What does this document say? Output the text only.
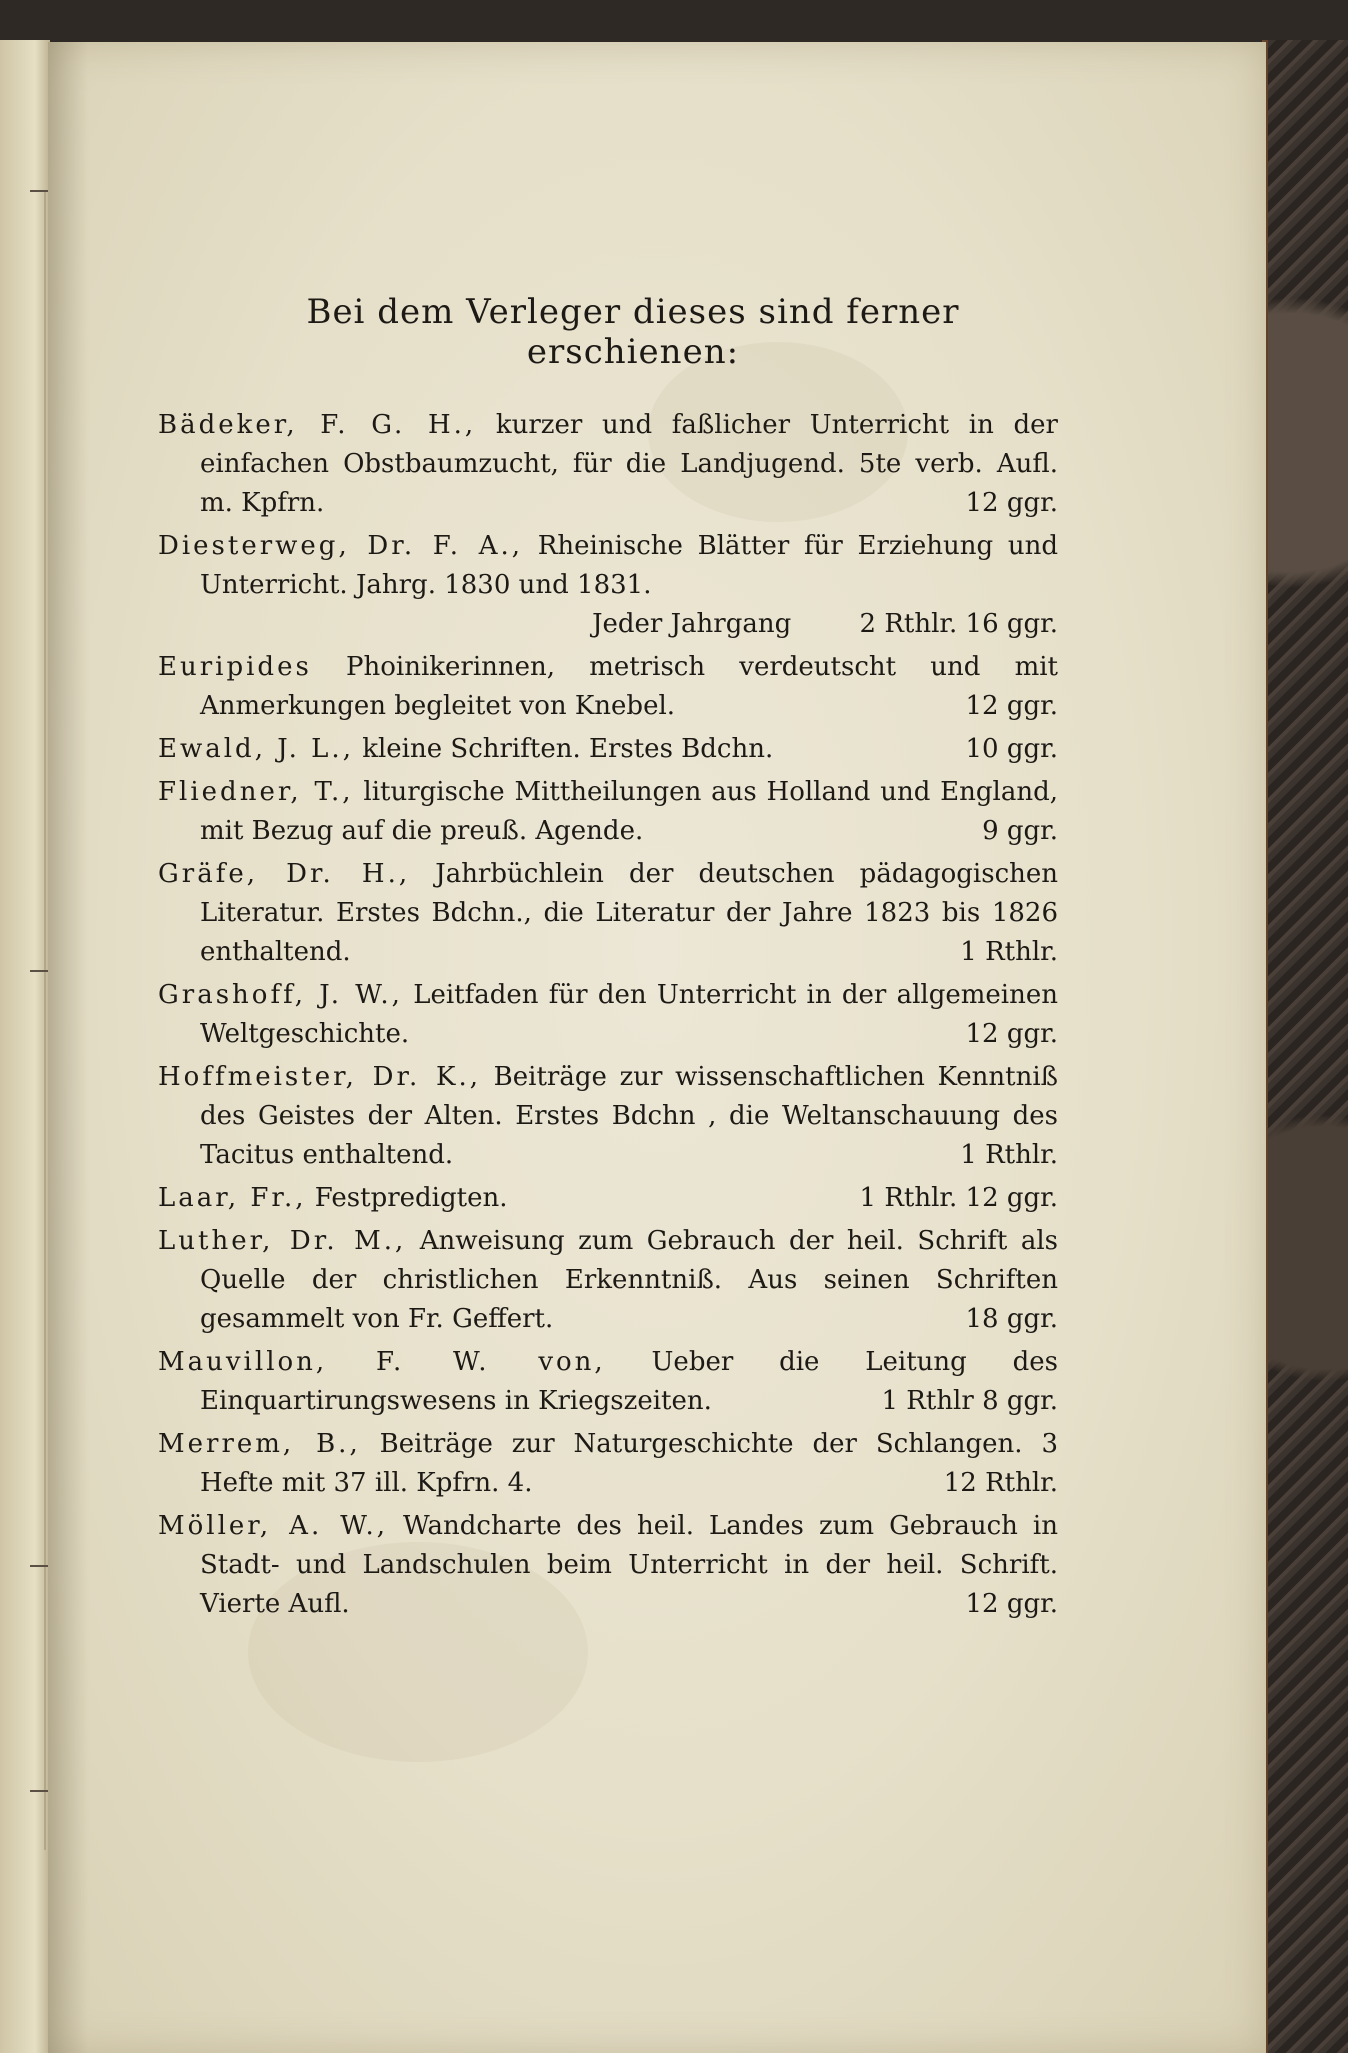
Bei dem Verleger dieses sind ferner erschienen:
Bädeker, F. G. H., kurzer und faßlicher Unterricht in der einfachen Obstbaumzucht, für die Landjugend. 5te verb. Aufl. m. Kpfrn.	12 ggr.
Diesterweg, Dr. F. A., Rheinische Blätter für Erziehung und Unterricht. Jahrg. 1830 und 1831.
Jeder Jahrgang	2 Rthlr. 16 ggr.
Euripides Phoinikerinnen, metrisch verdeutscht und mit Anmerkungen begleitet von Knebel.	12 ggr.
Ewald, J. L., kleine Schriften. Erstes Bdchn.	10 ggr.
Fliedner, T., liturgische Mittheilungen aus Holland und England, mit Bezug auf die preuß. Agende.	9 ggr.
Gräfe, Dr. H., Jahrbüchlein der deutschen pädagogischen Literatur. Erstes Bdchn., die Literatur der Jahre 1823 bis 1826 enthaltend.	1 Rthlr.
Grashoff, J. W., Leitfaden für den Unterricht in der allgemeinen Weltgeschichte.	12 ggr.
Hoffmeister, Dr. K., Beiträge zur wissenschaftlichen Kenntniß des Geistes der Alten. Erstes Bdchn , die Weltanschauung des Tacitus enthaltend.	1 Rthlr.
Laar, Fr., Festpredigten.	1 Rthlr. 12 ggr.
Luther, Dr. M., Anweisung zum Gebrauch der heil. Schrift als Quelle der christlichen Erkenntniß. Aus seinen Schriften gesammelt von Fr. Geffert.	18 ggr.
Mauvillon, F. W. von, Ueber die Leitung des Einquartirungswesens in Kriegszeiten.	1 Rthlr 8 ggr.
Merrem, B., Beiträge zur Naturgeschichte der Schlangen. 3 Hefte mit 37 ill. Kpfrn. 4.	12 Rthlr.
Möller, A. W., Wandcharte des heil. Landes zum Gebrauch in Stadt- und Landschulen beim Unterricht in der heil. Schrift. Vierte Aufl.	12 ggr.
